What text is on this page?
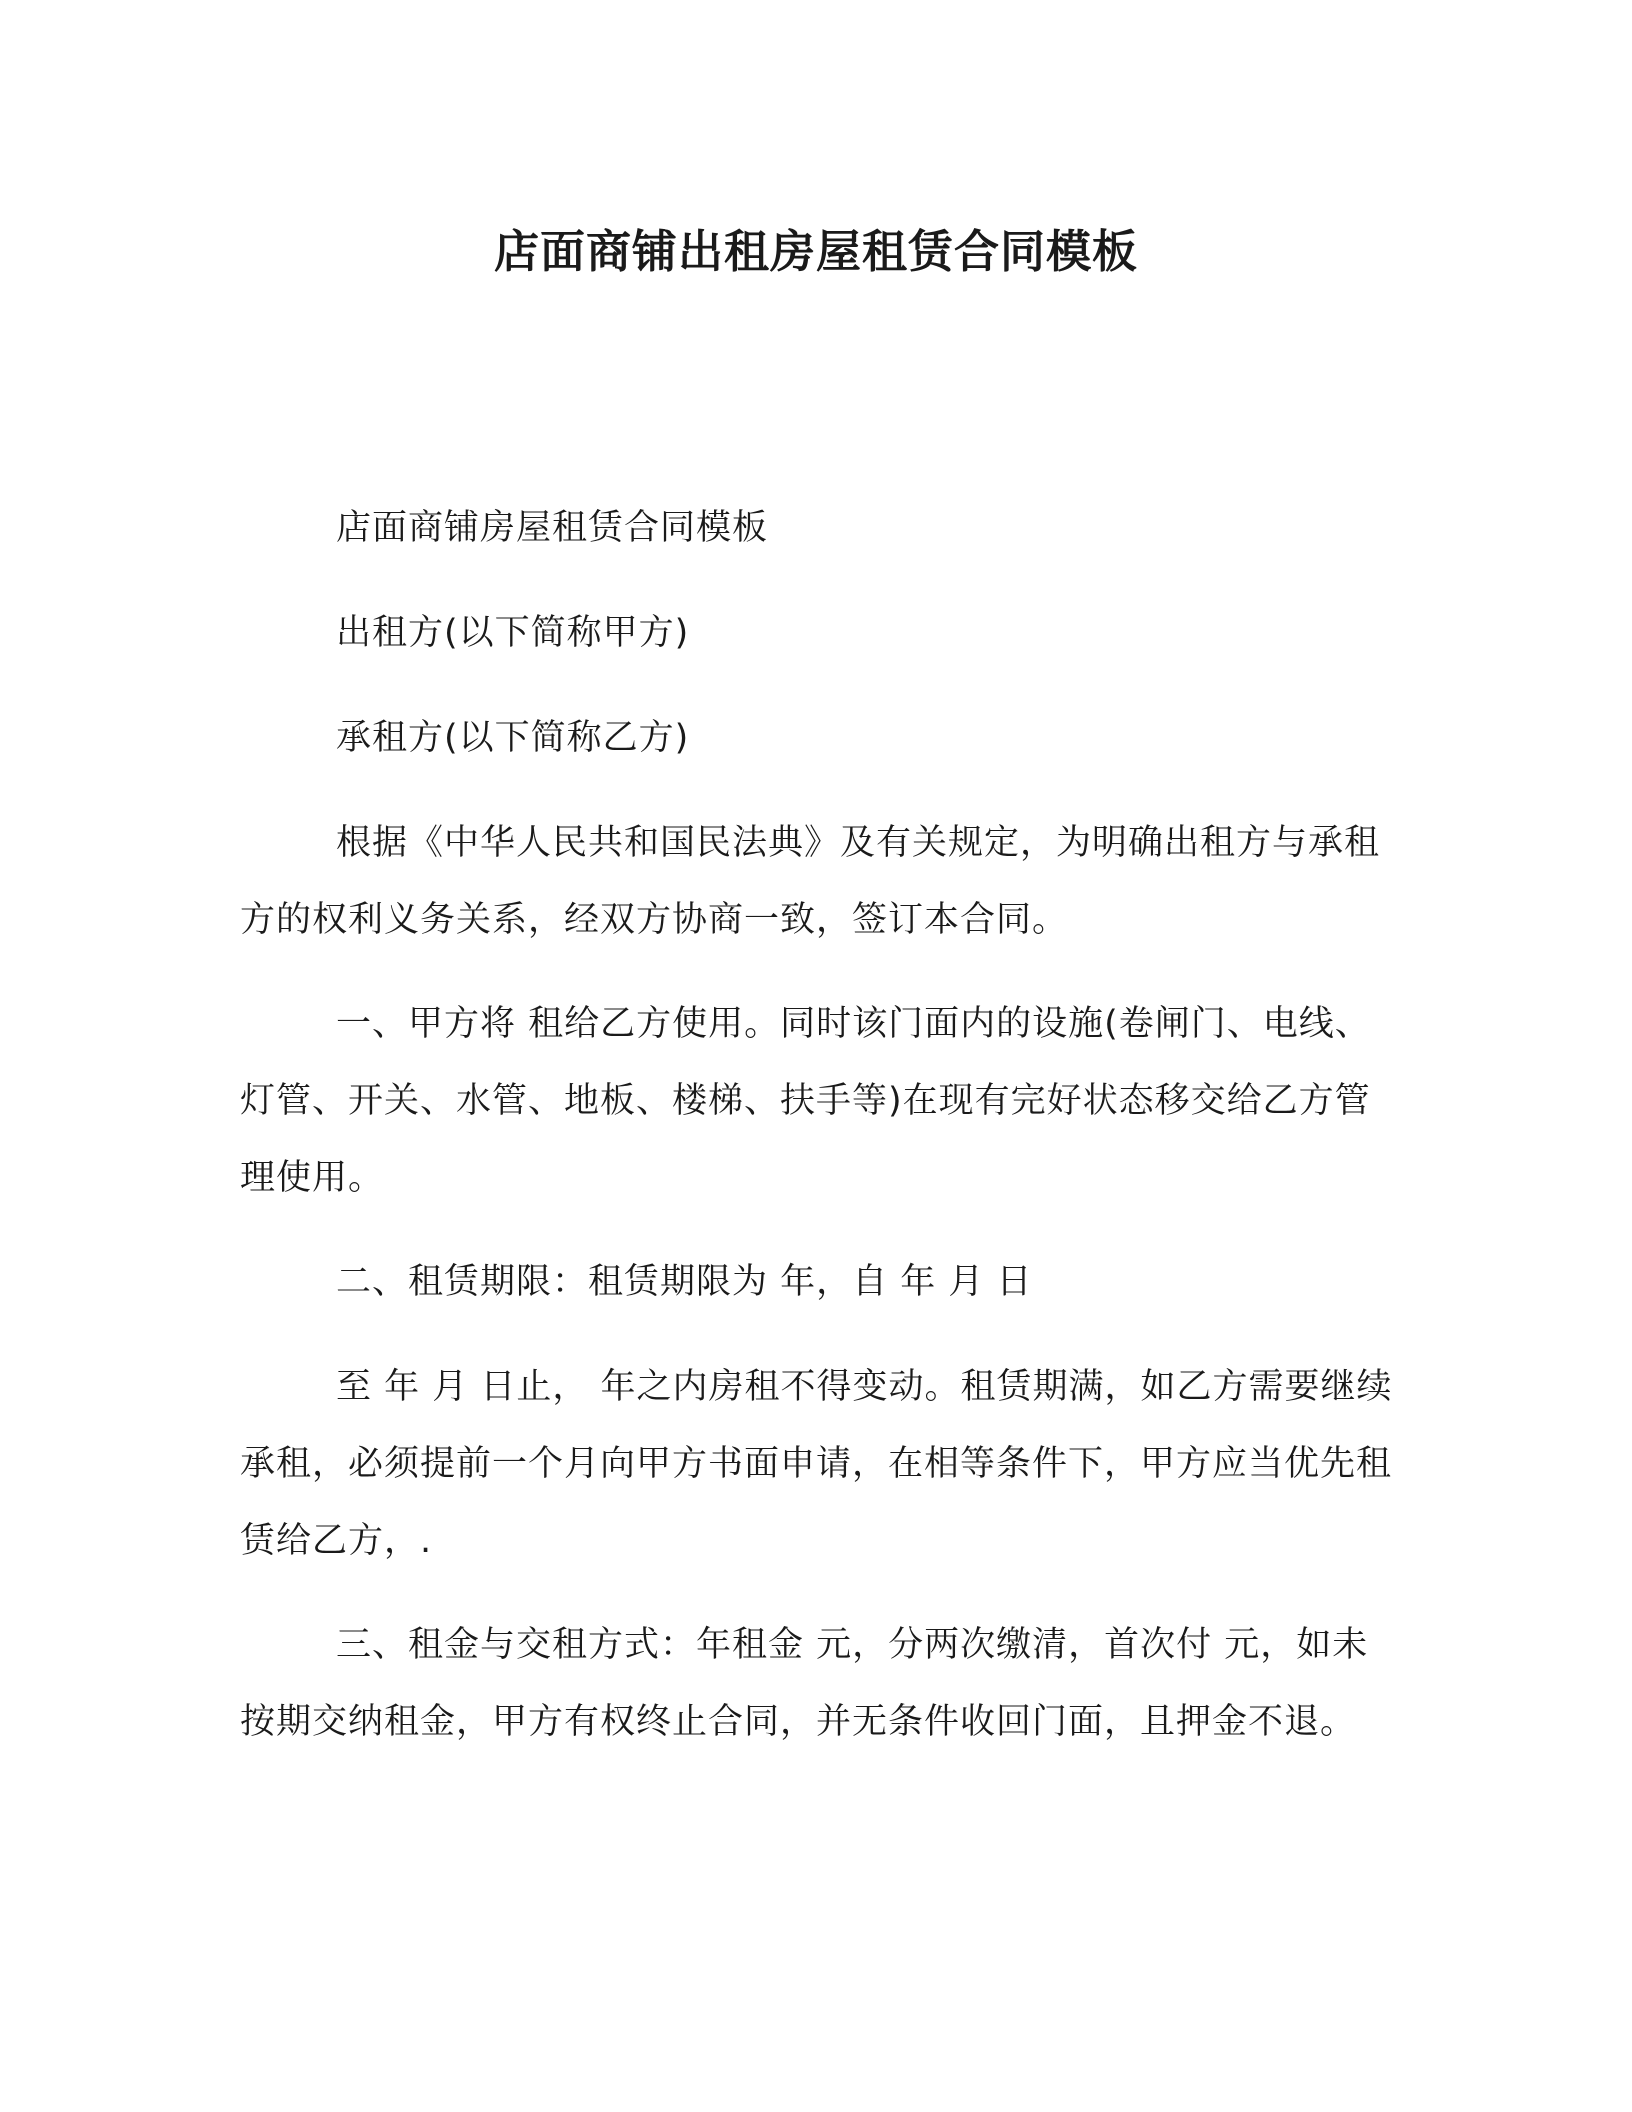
店面商铺出租房屋租赁合同模板

店面商铺房屋租赁合同模板

出租方(以下简称甲方)

承租方(以下简称乙方)

根据《中华人民共和国民法典》及有关规定，为明确出租方与承租方的权利义务关系，经双方协商一致，签订本合同。

一、甲方将 租给乙方使用。同时该门面内的设施(卷闸门、电线、灯管、开关、水管、地板、楼梯、扶手等)在现有完好状态移交给乙方管理使用。

二、租赁期限：租赁期限为 年，自 年 月 日

至 年 月 日止， 年之内房租不得变动。租赁期满，如乙方需要继续承租，必须提前一个月向甲方书面申请，在相等条件下，甲方应当优先租赁给乙方，.

三、租金与交租方式：年租金 元，分两次缴清，首次付 元，如未按期交纳租金，甲方有权终止合同，并无条件收回门面，且押金不退。
